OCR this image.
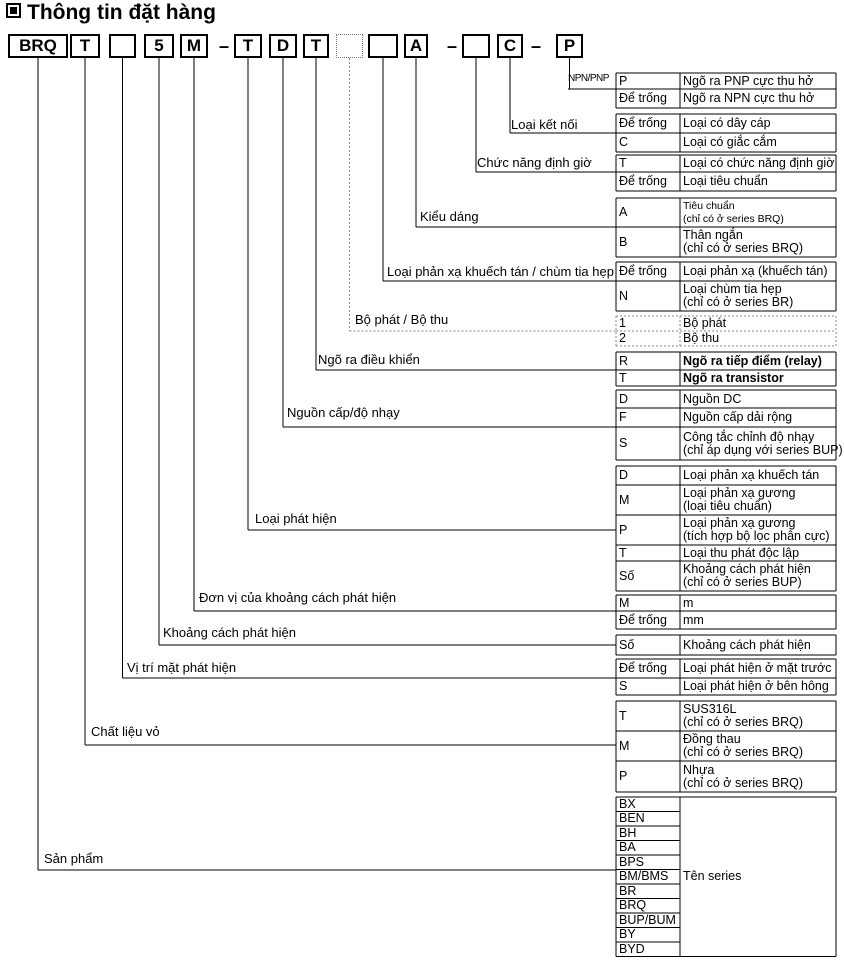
Thông tin đặt hàng
BRQ	T	5	M	T	D	T	A	C	P
–	–	–
NPN/PNP
Loại kết nối
Chức năng định giờ
Kiểu dáng
Loại phản xạ khuếch tán / chùm tia hẹp
Bộ phát / Bộ thu
Ngõ ra điều khiển
Nguồn cấp/độ nhạy
Loại phát hiện
Đơn vị của khoảng cách phát hiện
Khoảng cách phát hiện
Vị trí mặt phát hiện
Chất liệu vỏ
Sản phẩm
P	Ngõ ra PNP cực thu hở
Để trống	Ngõ ra NPN cực thu hở
Để trống	Loại có dây cáp
C	Loại có giắc cắm
T	Loại có chức năng định giờ
Để trống	Loại tiêu chuẩn
A	Tiêu chuẩn
(chỉ có ở series BRQ)
B	Thân ngắn
(chỉ có ở series BRQ)
Để trống	Loại phản xạ (khuếch tán)
N	Loại chùm tia hẹp
(chỉ có ở series BR)
1	Bộ phát
2	Bộ thu
R	Ngõ ra tiếp điểm (relay)
T	Ngõ ra transistor
D	Nguồn DC
F	Nguồn cấp dải rộng
S	Công tắc chỉnh độ nhạy
(chỉ áp dụng với series BUP)
D	Loại phản xạ khuếch tán
M	Loại phản xạ gương
(loại tiêu chuẩn)
P	Loại phản xạ gương
(tích hợp bộ lọc phân cực)
T	Loại thu phát độc lập
Số	Khoảng cách phát hiện
(chỉ có ở series BUP)
M	m
Để trống	mm
Số	Khoảng cách phát hiện
Để trống	Loại phát hiện ở mặt trước
S	Loại phát hiện ở bên hông
T	SUS316L
(chỉ có ở series BRQ)
M	Đồng thau
(chỉ có ở series BRQ)
P	Nhựa
(chỉ có ở series BRQ)
BX
BEN
BH
BA
BPS
BM/BMS
BR
BRQ
BUP/BUM
BY
BYD
Tên series
